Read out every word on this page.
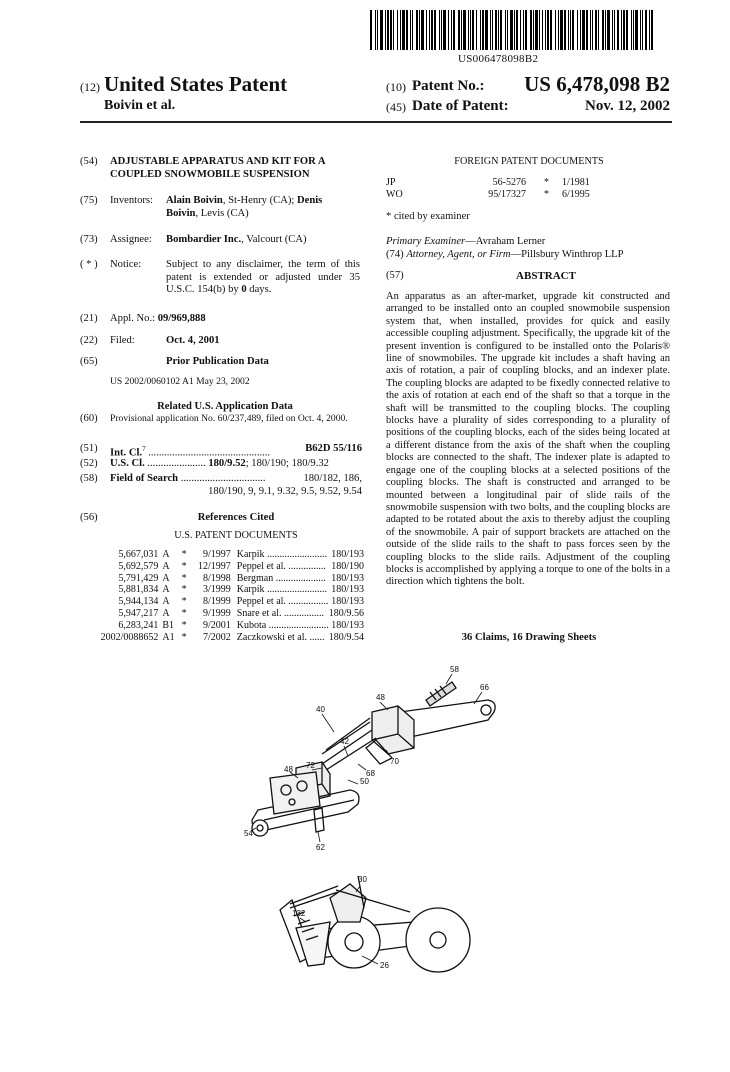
US006478098B2
(12) United States Patent
Boivin et al.
(10) Patent No.: US 6,478,098 B2
(45) Date of Patent:	Nov. 12, 2002
(54) ADJUSTABLE APPARATUS AND KIT FOR A COUPLED SNOWMOBILE SUSPENSION
(75) Inventors: Alain Boivin, St-Henry (CA); Denis
Boivin, Levis (CA)
(73) Assignee: Bombardier Inc., Valcourt (CA)
( * ) Notice: Subject to any disclaimer, the term of this patent is extended or adjusted under 35 U.S.C. 154(b) by 0 days.
(21) Appl. No.: 09/969,888
(22) Filed:	Oct. 4, 2001
(65)	Prior Publication Data
US 2002/0060102 A1 May 23, 2002
Related U.S. Application Data
(60) Provisional application No. 60/237,489, filed on Oct. 4, 2000.
(51) Int. Cl.$^7$ ..............................................	B62D 55/116
(52) U.S. Cl. ...................... 180/9.52; 180/190; 180/9.32
(58) Field of Search ................................	180/182, 186,
180/190, 9, 9.1, 9.32, 9.5, 9.52, 9.54
(56)	References Cited
U.S. PATENT DOCUMENTS
5,667,031	A	*	9/1997	Karpik ........................	180/193
5,692,579	A	*	12/1997	Peppel et al. ...............	180/190
5,791,429	A	*	8/1998	Bergman ....................	180/193
5,881,834	A	*	3/1999	Karpik ........................	180/193
5,944,134	A	*	8/1999	Peppel et al. ................	180/193
5,947,217	A	*	9/1999	Snare et al. ................	180/9.56
6,283,241	B1	*	9/2001	Kubota ........................	180/193
2002/0088652	A1	*	7/2002	Zaczkowski et al. ......	180/9.54
FOREIGN PATENT DOCUMENTS
JP	56-5276	*	1/1981
WO	95/17327	*	6/1995
* cited by examiner
Primary Examiner—Avraham Lerner
(74) Attorney, Agent, or Firm—Pillsbury Winthrop LLP
(57)	ABSTRACT
An apparatus as an after-market, upgrade kit constructed and arranged to be installed onto an coupled snowmobile suspension system that, when installed, provides for quick and easily accessible coupling adjustment. Specifically, the upgrade kit of the present invention is configured to be installed onto the Polaris® line of snowmobiles. The upgrade kit includes a shaft having an axis of rotation, a pair of coupling blocks, and an indexer plate. The coupling blocks are adapted to be fixedly connected relative to the axis of rotation at each end of the shaft so that a torque in the shaft will be transmitted to the coupling blocks. The coupling blocks have a plurality of sides corresponding to a plurality of positions of the coupling blocks, each of the sides being located at a different distance from the axis of the shaft when the coupling blocks are connected to the shaft. The indexer plate is adapted to engage one of the coupling blocks at a selected positions of the coupling blocks. The shaft is constructed and arranged to be mounted between a longitudinal pair of slide rails of the snowmobile suspension with two bolts, and the coupling blocks are adapted to be rotated about the axis to thereby adjust the coupling of the snowmobile. A pair of support brackets are attached on the outside of the slide rails to the shaft to pass forces seen by the coupling blocks to the slide rails. Adjustment of the coupling blocks is accomplished by applying a torque to one of the bolts in a direction which tightens the bolt.
36 Claims, 16 Drawing Sheets
58
66
48
40
42
70
72
68
48
50
54
62
30
132
26
